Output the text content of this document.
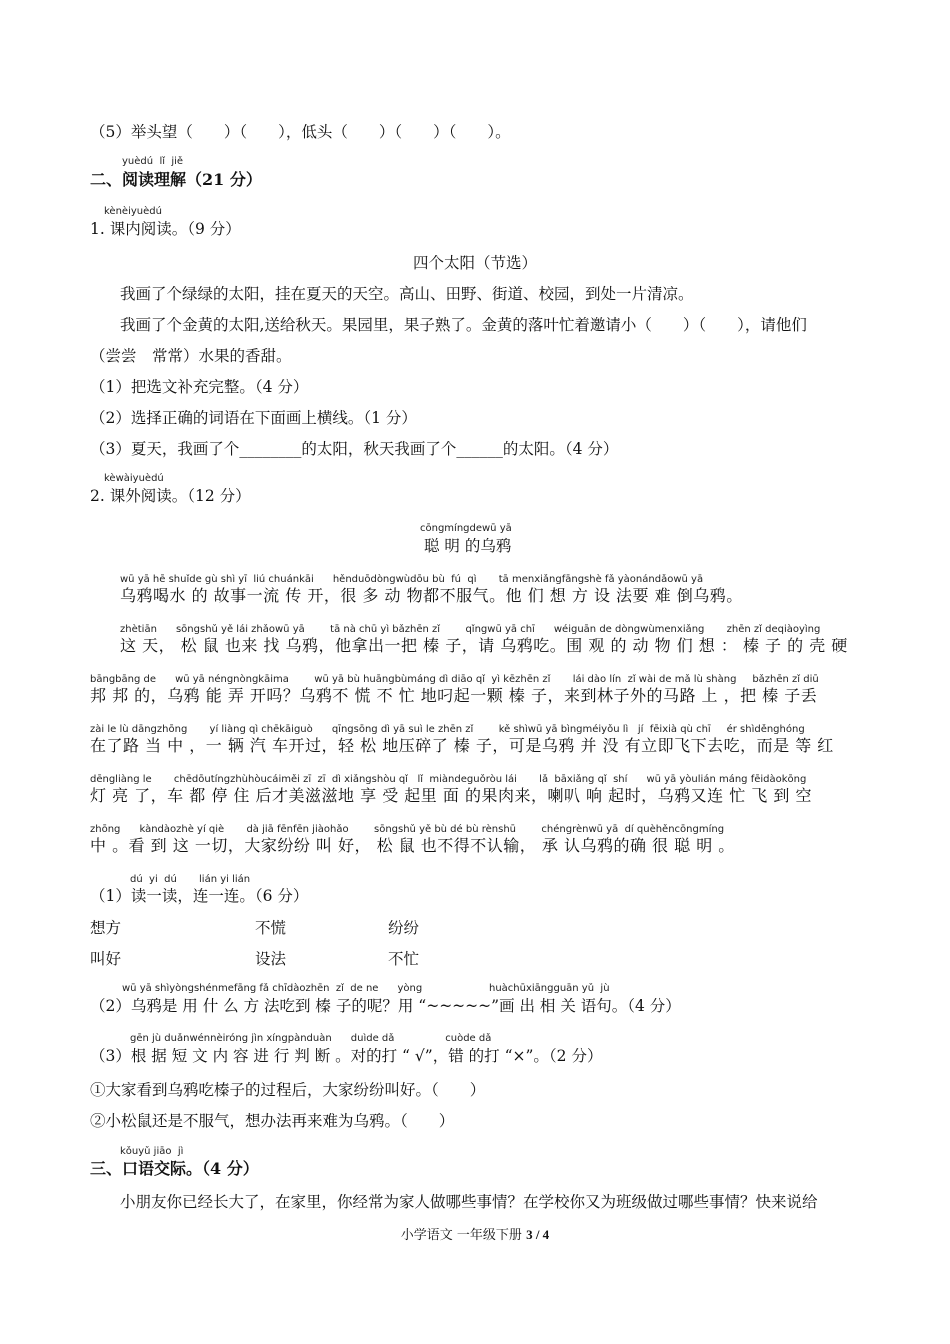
（5）举头望（　　）（　　），低头（　　）（　　）（　　）。
yuèdú  lǐ  jiě
二、阅读理解（21 分）
kènèiyuèdú
1. 课内阅读。（9 分）
四个太阳（节选）
我画了个绿绿的太阳，挂在夏天的天空。高山、田野、街道、校园，到处一片清凉。
我画了个金黄的太阳,送给秋天。果园里，果子熟了。金黄的落叶忙着邀请小（　　）（　　），请他们
（尝尝　常常）水果的香甜。
（1）把选文补充完整。（4 分）
（2）选择正确的词语在下面画上横线。（1 分）
（3）夏天，我画了个________的太阳，秋天我画了个______的太阳。（4 分）
kèwàiyuèdú
2. 课外阅读。（12 分）
cōngmíngdewū yā
聪 明 的乌鸦
wū yā hē shuǐde gù shì yī  liú chuánkāi      hěnduōdòngwùdōu bù  fú  qì       tā menxiǎngfāngshè fǎ yàonándǎowū yā
乌鸦喝水 的 故事一流 传 开，很 多 动 物都不服气。他 们 想 方 设 法要 难 倒乌鸦。
zhètiān      sōngshǔ yě lái zhǎowū yā        tā nà chū yì bǎzhēn zǐ        qǐngwū yā chī      wéiguān de dòngwùmenxiǎng       zhēn zǐ deqiàoyìng
这 天， 松 鼠 也来 找 乌鸦，他拿出一把 榛 子，请 乌鸦吃。围 观 的 动 物 们 想 ： 榛 子 的 壳 硬
bāngbāng de      wū yā néngnòngkāima        wū yā bù huāngbùmáng dì diāo qǐ  yì kēzhēn zǐ       lái dào lín  zǐ wài de mǎ lù shàng     bǎzhēn zǐ diū
邦 邦 的，乌鸦 能 弄 开吗？乌鸦不 慌 不 忙 地叼起一颗 榛 子，来到林子外的马路 上 ，把 榛 子丢
zài le lù dāngzhōng       yí liàng qì chēkāiguò      qīngsōng dì yā suì le zhēn zǐ        kě shìwū yā bìngméiyǒu lì   jí  fēixià qù chī     ér shìděnghóng
在了路 当 中 ，一 辆 汽 车开过，轻 松 地压碎了 榛 子，可是乌鸦 并 没 有立即飞下去吃，而是 等 红
dēngliàng le       chēdōutíngzhùhòucáiměi zī  zī  dì xiǎngshòu qǐ   lǐ  miàndeguǒròu lái       lǎ  bāxiǎng qǐ  shí      wū yā yòulián máng fēidàokōng
灯 亮 了，车 都 停 住 后才美滋滋地 享 受 起里 面 的果肉来，喇叭 响 起时，乌鸦又连 忙 飞 到 空
zhōng      kàndàozhè yí qiè       dà jiā fēnfēn jiàohǎo        sōngshǔ yě bù dé bù rènshū        chéngrènwū yā  dí quèhěncōngmíng
中 。看 到 这 一切，大家纷纷 叫 好， 松 鼠 也不得不认输， 承 认乌鸦的确 很 聪 明 。
dú  yi  dú       lián yi lián
（1）读一读，连一连。（6 分）
想方	不慌	纷纷
叫好	设法	不忙
wū yā shìyòngshénmefāng fǎ chīdàozhēn  zǐ  de ne      yòng                     huàchūxiāngguān yǔ  jù
（2）乌鸦是 用 什 么 方 法吃到 榛 子的呢？用 “~~~~~”画 出 相 关 语句。（4 分）
gēn jù duǎnwénnèiróng jìn xíngpànduàn      duìde dǎ                cuòde dǎ
（3）根 据 短 文 内 容 进 行 判 断 。对的打 “ √”，错 的打 “×”。（2 分）
①大家看到乌鸦吃榛子的过程后，大家纷纷叫好。（　　）
②小松鼠还是不服气，想办法再来难为乌鸦。（　　）
kǒuyǔ jiāo  jì
三、口语交际。（4 分）
小朋友你已经长大了，在家里，你经常为家人做哪些事情？在学校你又为班级做过哪些事情？快来说给
小学语文 一年级下册 3 / 4
